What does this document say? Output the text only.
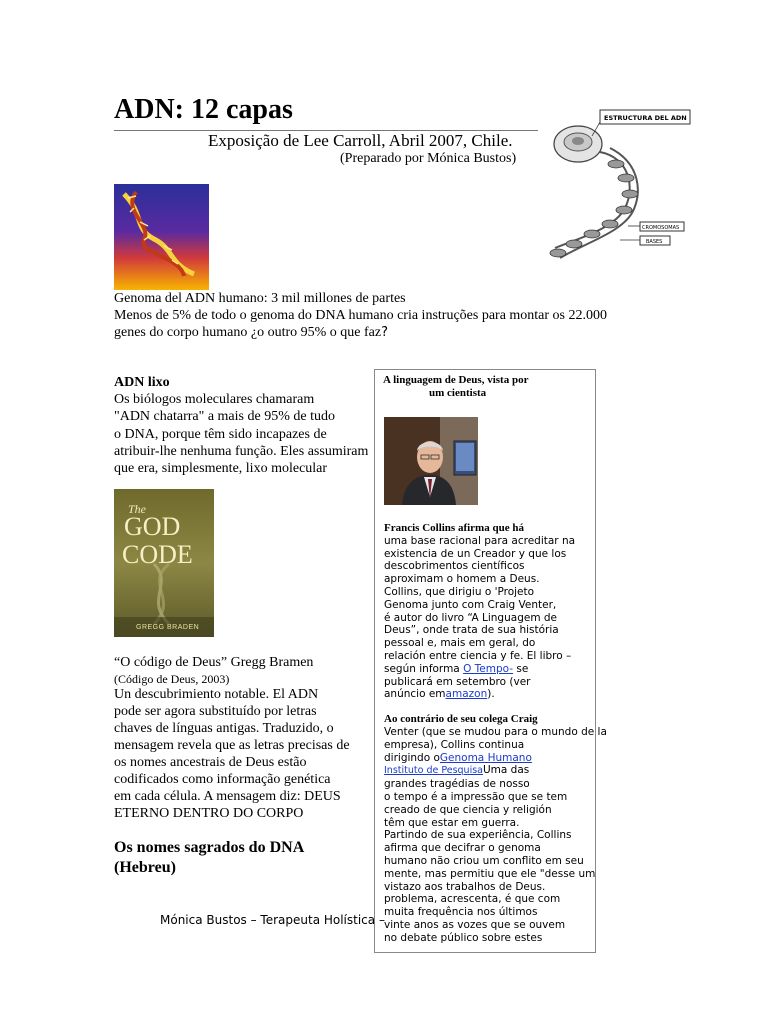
ADN: 12 capas
Exposição de Lee Carroll, Abril 2007, Chile.
(Preparado por Mónica Bustos)
ESTRUCTURA DEL ADN
CROMOSOMAS
BASES
Genoma del ADN humano: 3 mil millones de partes
Menos de 5% de todo o genoma do DNA humano cria instruções para montar os 22.000
genes do corpo humano ¿o outro 95% o que faz?
ADN lixo
Os biólogos moleculares chamaram
"ADN chatarra" a mais de 95% de tudo
o DNA, porque têm sido incapazes de
atribuir-lhe nenhuma função. Eles assumiram
que era, simplesmente, lixo molecular
The
GOD
CODE
GREGG BRADEN
“O código de Deus” Gregg Bramen
(Código de Deus, 2003)
Un descubrimiento notable. El ADN
pode ser agora substituído por letras
chaves de línguas antigas. Traduzido, o
mensagem revela que as letras precisas de
os nomes ancestrais de Deus estão
codificados como informação genética
em cada célula. A mensagem diz: DEUS
ETERNO DENTRO DO CORPO
Os nomes sagrados do DNA
(Hebreu)
Mónica Bustos – Terapeuta Holística –
A linguagem de Deus, vista por
um cientista
Francis Collins afirma que há
uma base racional para acreditar na
existencia de un Creador y que los
descobrimentos científicos
aproximam o homem a Deus.
Collins, que dirigiu o 'Projeto
Genoma junto com Craig Venter,
é autor do livro “A Linguagem de
Deus”, onde trata de sua história
pessoal e, mais em geral, do
relación entre ciencia y fe. El libro –
según informa O Tempo- se
publicará em setembro (ver
anúncio emamazon).
Ao contrário de seu colega Craig
Venter (que se mudou para o mundo de la
empresa), Collins continua
dirigindo oGenoma Humano
Instituto de PesquisaUma das
grandes tragédias de nosso
o tempo é a impressão que se tem
creado de que ciencia y religión
têm que estar em guerra.
Partindo de sua experiência, Collins
afirma que decifrar o genoma
humano não criou um conflito em seu
mente, mas permitiu que ele "desse um
vistazo aos trabalhos de Deus.
problema, acrescenta, é que com
muita frequência nos últimos
vinte anos as vozes que se ouvem
no debate público sobre estes
